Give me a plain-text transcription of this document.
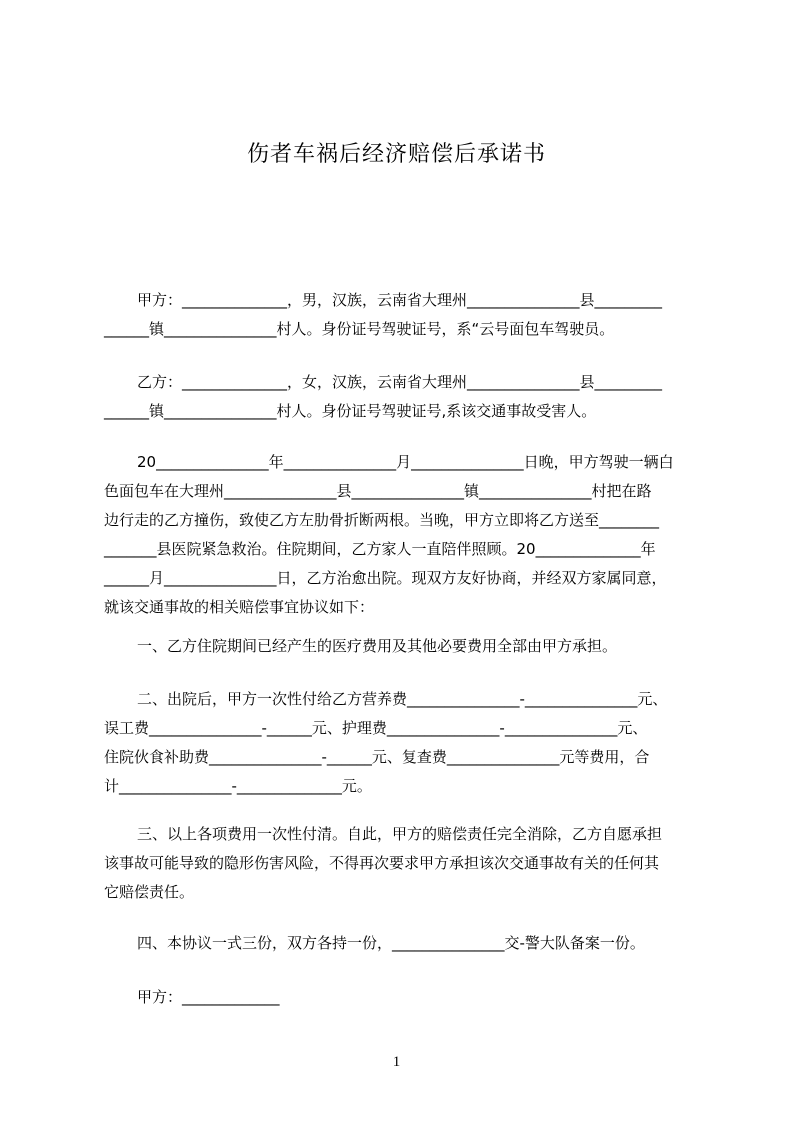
伤者车祸后经济赔偿后承诺书
甲方：______________，男，汉族，云南省大理州_______________县_________
______镇_______________村人。身份证号驾驶证号，系“云号面包车驾驶员。
乙方：______________，女，汉族，云南省大理州_______________县_________
______镇_______________村人。身份证号驾驶证号,系该交通事故受害人。
20_______________年_______________月_______________日晚，甲方驾驶一辆白
色面包车在大理州_______________县_______________镇_______________村把在路
边行走的乙方撞伤，致使乙方左肋骨折断两根。当晚，甲方立即将乙方送至________
_______县医院紧急救治。住院期间，乙方家人一直陪伴照顾。20______________年
______月_______________日，乙方治愈出院。现双方友好协商，并经双方家属同意，
就该交通事故的相关赔偿事宜协议如下：
一、乙方住院期间已经产生的医疗费用及其他必要费用全部由甲方承担。
二、出院后，甲方一次性付给乙方营养费_______________-_______________元、
误工费_______________-______元、护理费_______________-_______________元、
住院伙食补助费_______________-______元、复查费_______________元等费用，合
计_______________-______________元。
三、以上各项费用一次性付清。自此，甲方的赔偿责任完全消除，乙方自愿承担
该事故可能导致的隐形伤害风险，不得再次要求甲方承担该次交通事故有关的任何其
它赔偿责任。
四、本协议一式三份，双方各持一份，_______________交-警大队备案一份。
甲方：_____________
1
